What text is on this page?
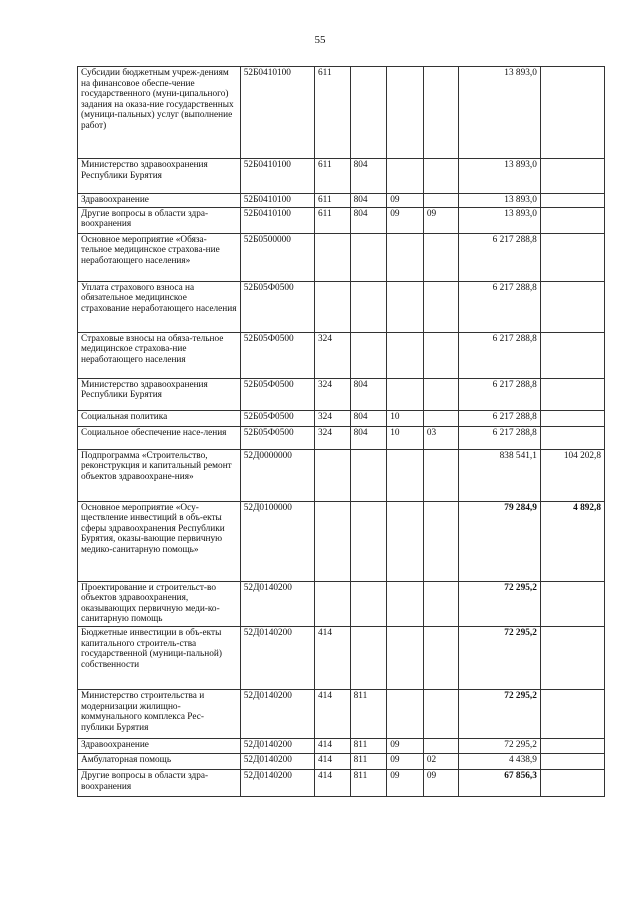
55
Субсидии бюджетным учреж-дениям на финансовое обеспе-чение государственного (муни-ципального) задания на оказа-ние государственных (муници-пальных) услуг (выполнение работ)	52Б0410100	611				13 893,0	
Министерство здравоохранения Республики Бурятия	52Б0410100	611	804			13 893,0	
Здравоохранение	52Б0410100	611	804	09		13 893,0	
Другие вопросы в области здра-воохранения	52Б0410100	611	804	09	09	13 893,0	
Основное мероприятие «Обяза-тельное медицинское страхова-ние неработающего населения»	52Б0500000					6 217 288,8	
Уплата страхового взноса на обязательное медицинское страхование неработающего населения	52Б05Ф0500					6 217 288,8	
Страховые взносы на обяза-тельное медицинское страхова-ние неработающего населения	52Б05Ф0500	324				6 217 288,8	
Министерство здравоохранения Республики Бурятия	52Б05Ф0500	324	804			6 217 288,8	
Социальная политика	52Б05Ф0500	324	804	10		6 217 288,8	
Социальное обеспечение насе-ления	52Б05Ф0500	324	804	10	03	6 217 288,8	
Подпрограмма «Строительство, реконструкция и капитальный ремонт объектов здравоохране-ния»	52Д0000000					838 541,1	104 202,8
Основное мероприятие «Осу-ществление инвестиций в объ-екты сферы здравоохранения Республики Бурятия, оказы-вающие первичную медико-санитарную помощь»	52Д0100000					79 284,9	4 892,8
Проектирование и строительст-во объектов здравоохранения, оказывающих первичную меди-ко-санитарную помощь	52Д0140200					72 295,2	
Бюджетные инвестиции в объ-екты капитального строитель-ства государственной (муници-пальной) собственности	52Д0140200	414				72 295,2	
Министерство строительства и модернизации жилищно-коммунального комплекса Рес-публики Бурятия	52Д0140200	414	811			72 295,2	
Здравоохранение	52Д0140200	414	811	09		72 295,2	
Амбулаторная помощь	52Д0140200	414	811	09	02	4 438,9	
Другие вопросы в области здра-воохранения	52Д0140200	414	811	09	09	67 856,3	
